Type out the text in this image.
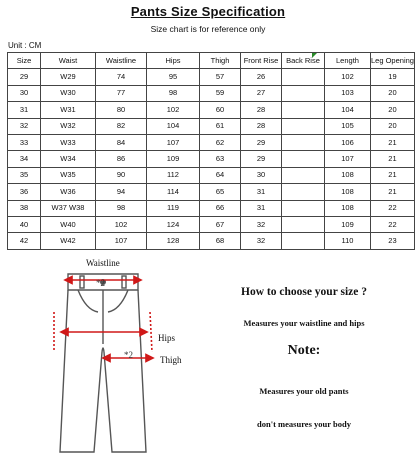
Pants Size Specification
Size chart is for reference only
Unit : CM
Size	Waist	Waistline	Hips	Thigh	Front Rise	Back Rise	Length	Leg Opening
29	W29	74	95	57	26		102	19
30	W30	77	98	59	27		103	20
31	W31	80	102	60	28		104	20
32	W32	82	104	61	28		105	20
33	W33	84	107	62	29		106	21
34	W34	86	109	63	29		107	21
35	W35	90	112	64	30		108	21
36	W36	94	114	65	31		108	21
38	W37 W38	98	119	66	31		108	22
40	W40	102	124	67	32		109	22
42	W42	107	128	68	32		110	23
Waistline
*2
Hips
*2	Thigh
How to choose your size ?
Measures your waistline and hips
Note:
Measures your old pants
don't measures your body
